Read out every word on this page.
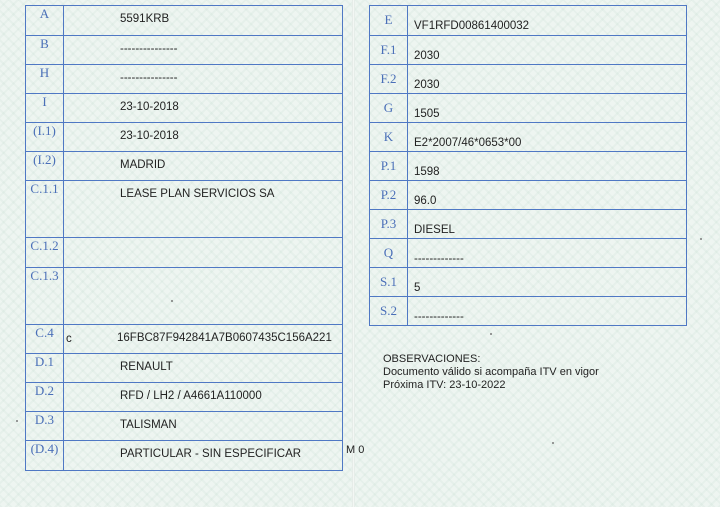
A	5591KRB

B	---------------

H	---------------

I	23-10-2018

(I.1)	23-10-2018

(I.2)	MADRID

C.1.1	LEASE PLAN SERVICIOS SA

C.1.2	

C.1.3	

C.4	16FBC87F942841A7B0607435C156A221

D.1	RENAULT

D.2	RFD / LH2 / A4661A110000

D.3	TALISMAN

(D.4)	PARTICULAR - SIN ESPECIFICAR
c
M 0
E	VF1RFD00861400032

F.1	2030

F.2	2030

G	1505

K	E2*2007/46*0653*00

P.1	1598

P.2	96.0

P.3	DIESEL

Q	-------------

S.1	5

S.2	-------------
OBSERVACIONES:
Documento válido si acompaña ITV en vigor
Próxima ITV: 23-10-2022
